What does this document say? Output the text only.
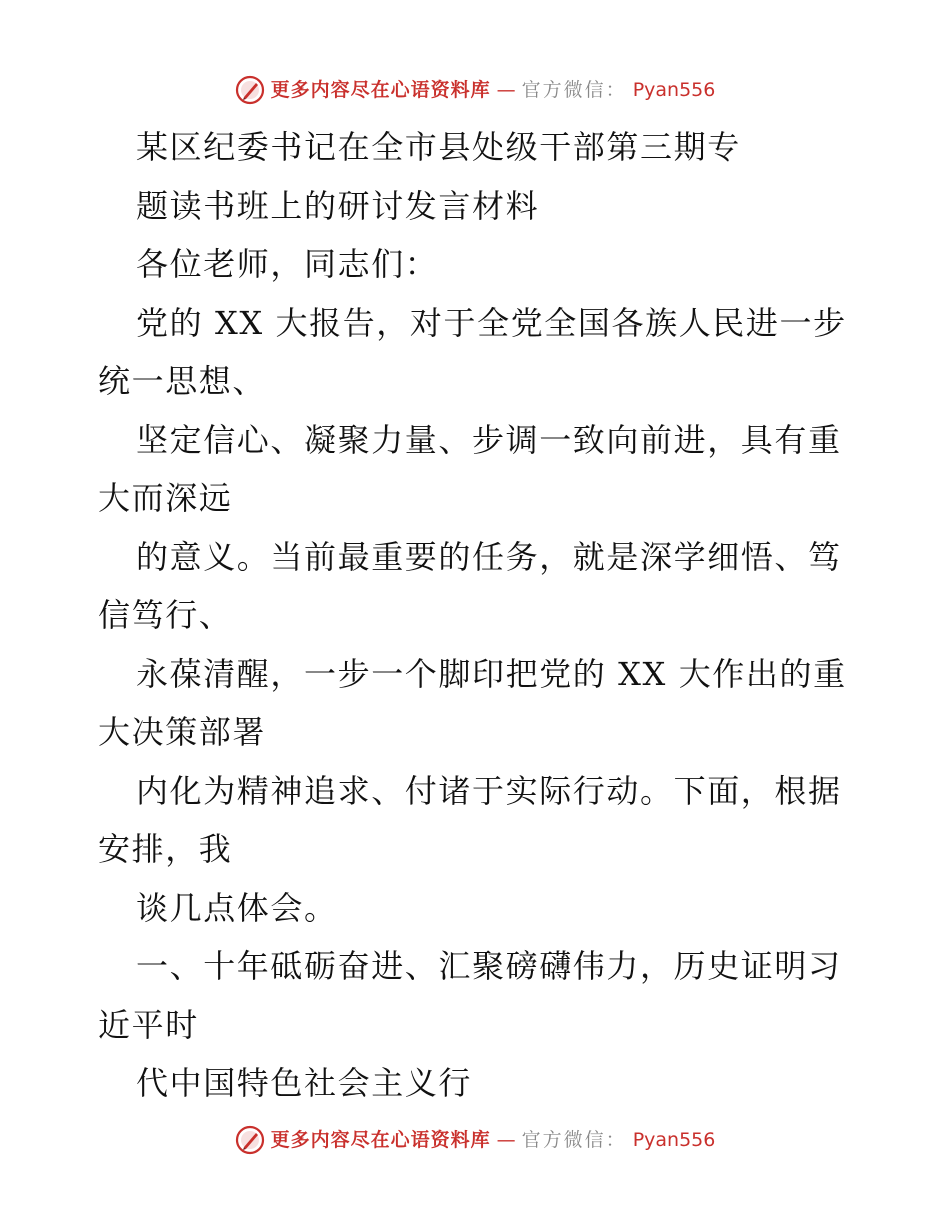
更多内容尽在心语资料库 — 官方微信： Pyan556
某区纪委书记在全市县处级干部第三期专
题读书班上的研讨发言材料
各位老师，同志们：
党的 XX 大报告，对于全党全国各族人民进一步
统一思想、
坚定信心、凝聚力量、步调一致向前进，具有重
大而深远
的意义。当前最重要的任务，就是深学细悟、笃
信笃行、
永葆清醒，一步一个脚印把党的 XX 大作出的重
大决策部署
内化为精神追求、付诸于实际行动。下面，根据
安排，我
谈几点体会。
一、十年砥砺奋进、汇聚磅礴伟力，历史证明习
近平时
代中国特色社会主义行
更多内容尽在心语资料库 — 官方微信： Pyan556
